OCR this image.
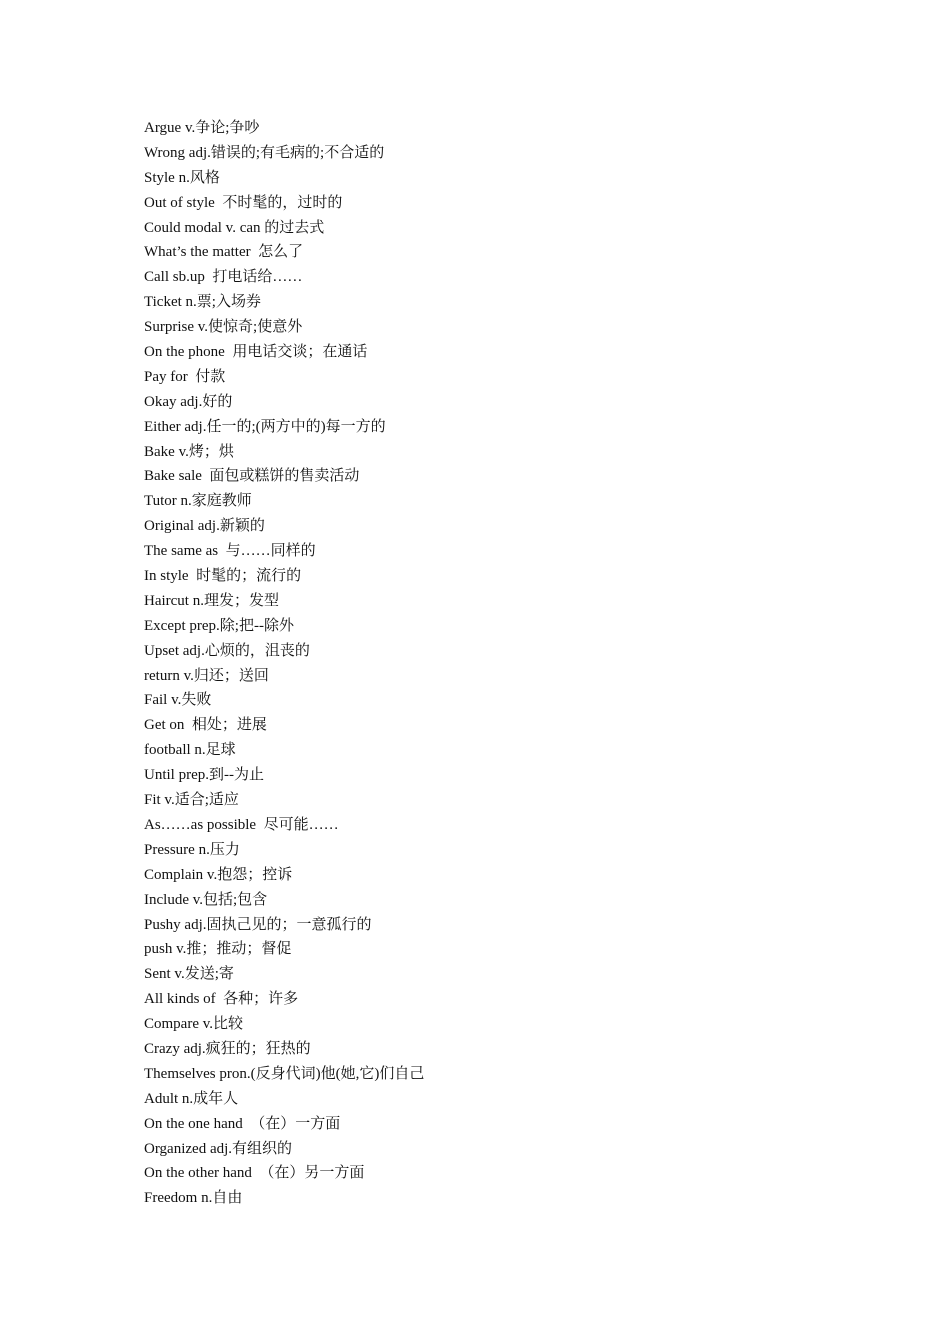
Argue v.争论;争吵
Wrong adj.错误的;有毛病的;不合适的
Style n.风格
Out of style  不时髦的，过时的
Could modal v. can 的过去式
What’s the matter  怎么了
Call sb.up  打电话给……
Ticket n.票;入场券
Surprise v.使惊奇;使意外
On the phone  用电话交谈；在通话
Pay for  付款
Okay adj.好的
Either adj.任一的;(两方中的)每一方的
Bake v.烤；烘
Bake sale  面包或糕饼的售卖活动
Tutor n.家庭教师
Original adj.新颖的
The same as  与……同样的
In style  时髦的；流行的
Haircut n.理发；发型
Except prep.除;把--除外
Upset adj.心烦的，沮丧的
return v.归还；送回
Fail v.失败
Get on  相处；进展
football n.足球
Until prep.到--为止
Fit v.适合;适应
As……as possible  尽可能……
Pressure n.压力
Complain v.抱怨；控诉
Include v.包括;包含
Pushy adj.固执己见的；一意孤行的
push v.推；推动；督促
Sent v.发送;寄
All kinds of  各种；许多
Compare v.比较
Crazy adj.疯狂的；狂热的
Themselves pron.(反身代词)他(她,它)们自己
Adult n.成年人
On the one hand  （在）一方面
Organized adj.有组织的
On the other hand  （在）另一方面
Freedom n.自由
